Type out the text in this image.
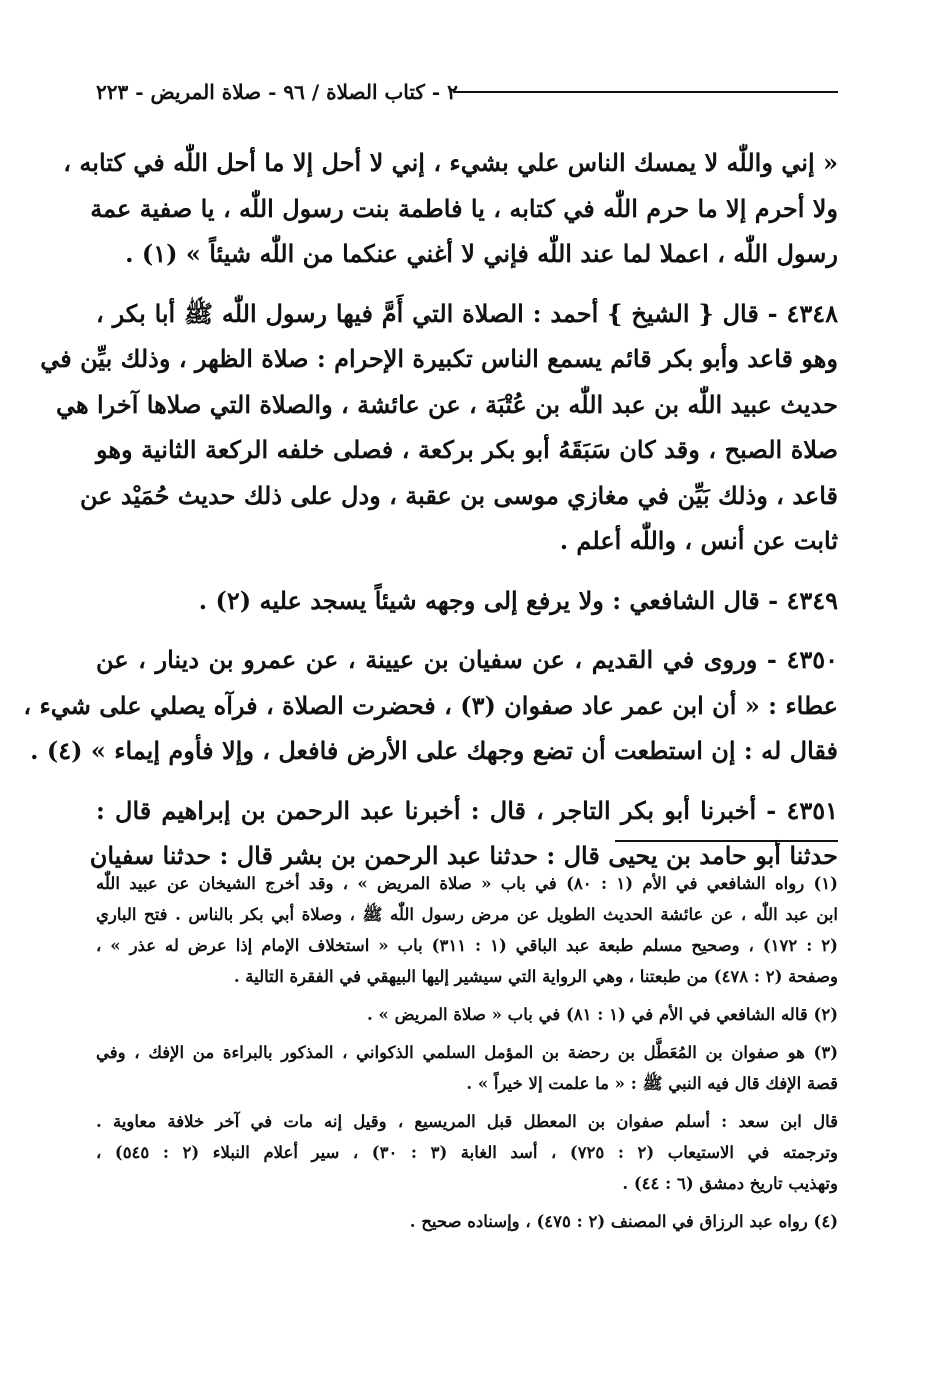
٢ - كتاب الصلاة / ٩٦ - صلاة المريض - ٢٢٣

« إني واللّٰه لا يمسك الناس علي بشيء ، إني لا أحل إلا ما أحل اللّٰه في كتابه ،

ولا أحرم إلا ما حرم اللّٰه في كتابه ، يا فاطمة بنت رسول اللّٰه ، يا صفية عمة

رسول اللّٰه ، اعملا لما عند اللّٰه فإني لا أغني عنكما من اللّٰه شيئاً » (١) .

٤٣٤٨ - قال { الشيخ } أحمد : الصلاة التي أَمَّ فيها رسول اللّٰه ﷺ أبا بكر ،

وهو قاعد وأبو بكر قائم يسمع الناس تكبيرة الإحرام : صلاة الظهر ، وذلك بيِّن في

حديث عبيد اللّٰه بن عبد اللّٰه بن عُتْبَة ، عن عائشة ، والصلاة التي صلاها آخرا هي

صلاة الصبح ، وقد كان سَبَقَهُ أبو بكر بركعة ، فصلى خلفه الركعة الثانية وهو

قاعد ، وذلك بَيِّن في مغازي موسى بن عقبة ، ودل على ذلك حديث حُمَيْد عن

ثابت عن أنس ، واللّٰه أعلم .

٤٣٤٩ - قال الشافعي : ولا يرفع إلى وجهه شيئاً يسجد عليه (٢) .

٤٣٥٠ - وروى في القديم ، عن سفيان بن عيينة ، عن عمرو بن دينار ، عن

عطاء : « أن ابن عمر عاد صفوان (٣) ، فحضرت الصلاة ، فرآه يصلي على شيء ،

فقال له : إن استطعت أن تضع وجهك على الأرض فافعل ، وإلا فأوم إيماء » (٤) .

٤٣٥١ - أخبرنا أبو بكر التاجر ، قال : أخبرنا عبد الرحمن بن إبراهيم قال :

حدثنا أبو حامد بن يحيى قال : حدثنا عبد الرحمن بن بشر قال : حدثنا سفيان

(١) رواه الشافعي في الأم (١ : ٨٠) في باب « صلاة المريض » ، وقد أخرج الشيخان عن عبيد اللّٰه

ابن عبد اللّٰه ، عن عائشة الحديث الطويل عن مرض رسول اللّٰه ﷺ ، وصلاة أبي بكر بالناس . فتح الباري

(٢ : ١٧٢) ، وصحيح مسلم طبعة عبد الباقي (١ : ٣١١) باب « استخلاف الإمام إذا عرض له عذر » ،

وصفحة (٢ : ٤٧٨) من طبعتنا ، وهي الرواية التي سيشير إليها البيهقي في الفقرة التالية .

(٢) قاله الشافعي في الأم في (١ : ٨١) في باب « صلاة المريض » .

(٣) هو صفوان بن المُعَطَّل بن رحضة بن المؤمل السلمي الذكواني ، المذكور بالبراءة من الإفك ، وفي

قصة الإفك قال فيه النبي ﷺ : « ما علمت إلا خيراً » .

قال ابن سعد : أسلم صفوان بن المعطل قبل المريسيع ، وقيل إنه مات في آخر خلافة معاوية .

وترجمته في الاستيعاب (٢ : ٧٢٥) ، أسد الغابة (٣ : ٣٠) ، سير أعلام النبلاء (٢ : ٥٤٥) ،

وتهذيب تاريخ دمشق (٦ : ٤٤) .

(٤) رواه عبد الرزاق في المصنف (٢ : ٤٧٥) ، وإسناده صحيح .
